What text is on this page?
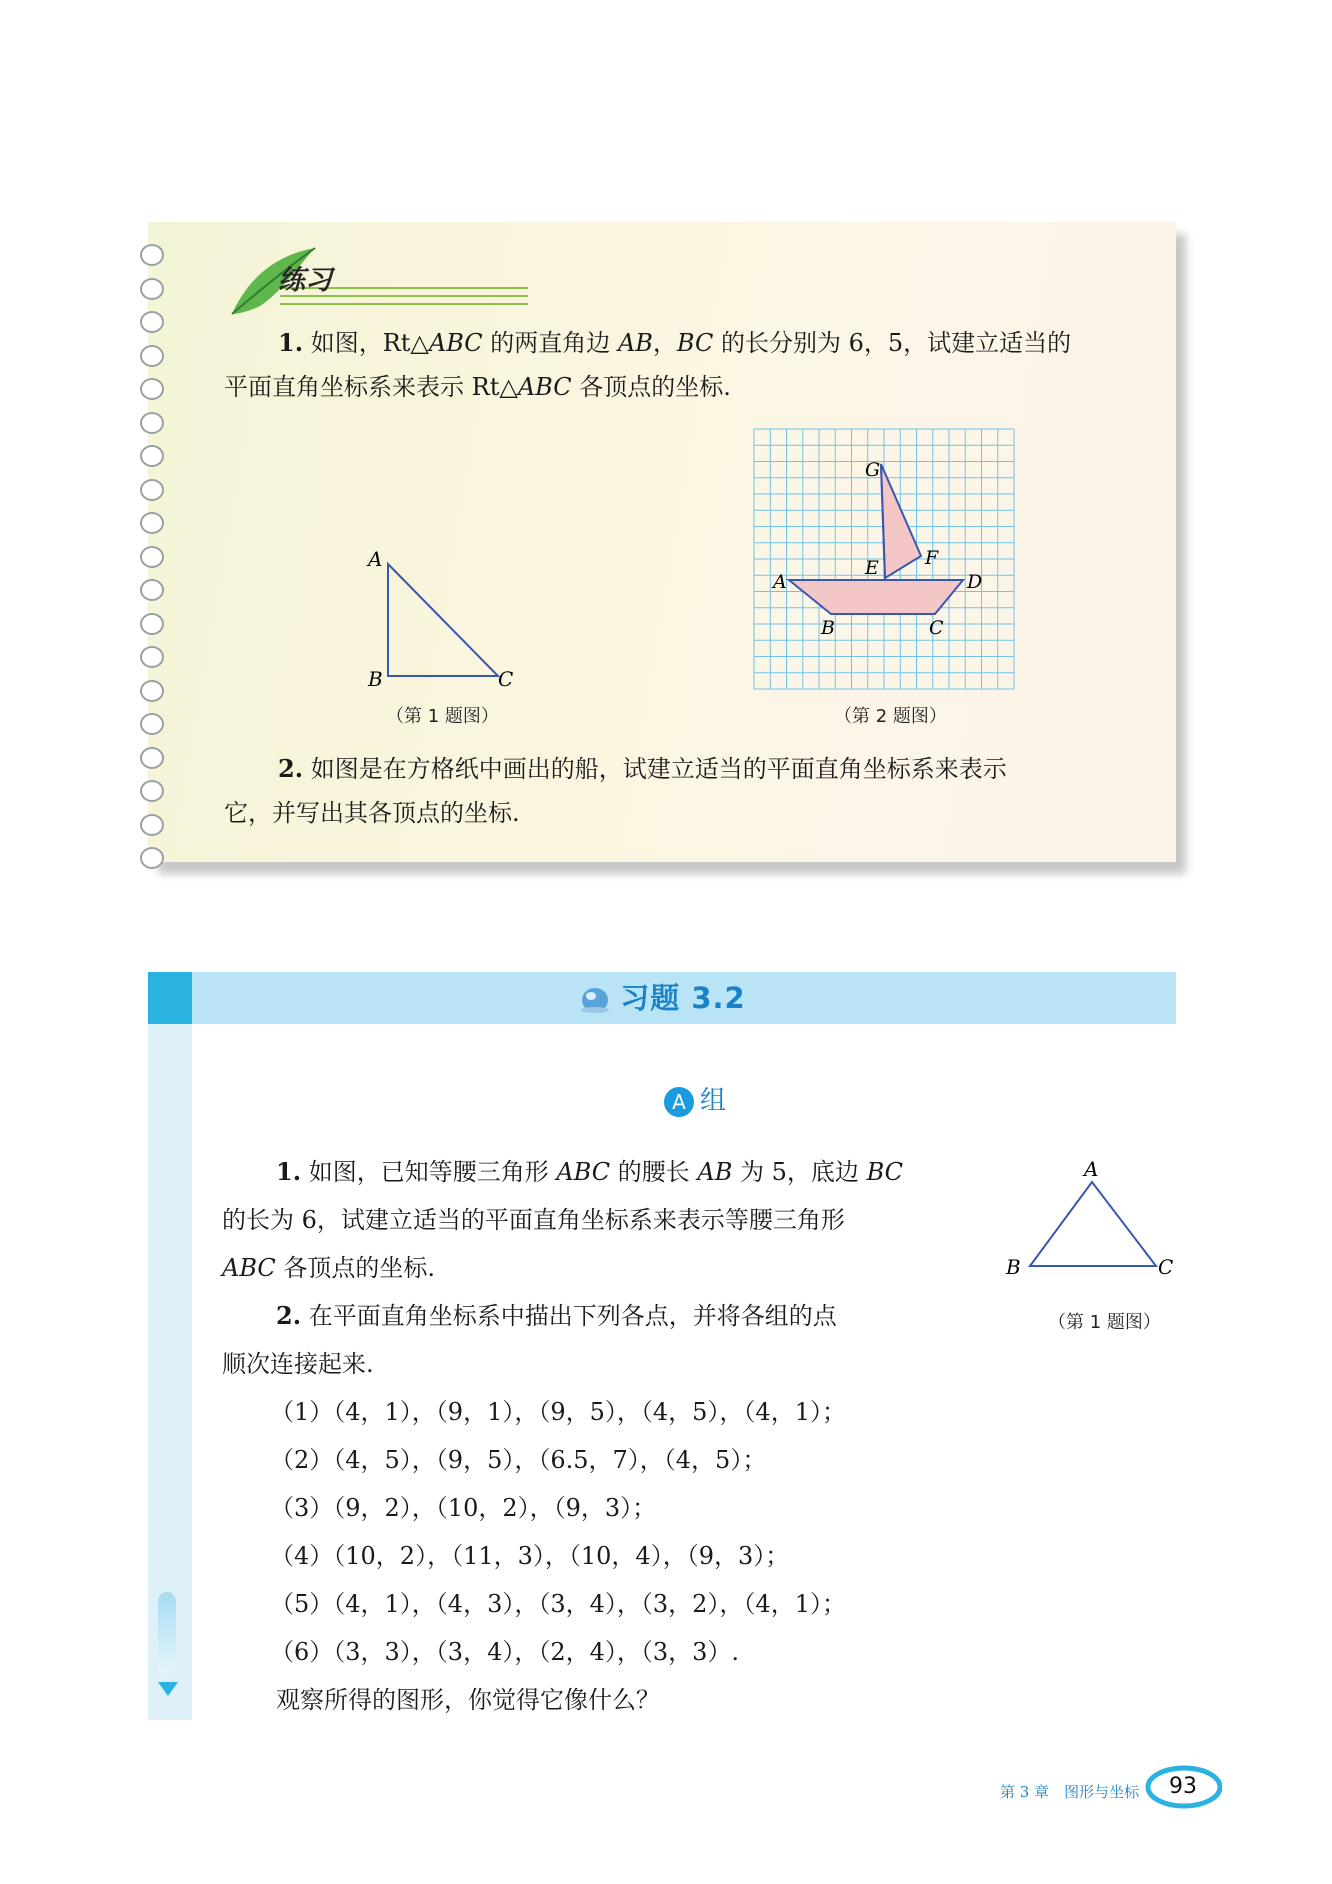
练习
1. 如图，Rt△ABC 的两直角边 AB，BC 的长分别为 6，5，试建立适当的
平面直角坐标系来表示 Rt△ABC 各顶点的坐标.
A
B	C
（第 1 题图）
G
E F
A	D
B	C
（第 2 题图）
2. 如图是在方格纸中画出的船，试建立适当的平面直角坐标系来表示
它，并写出其各顶点的坐标.
习题 3.2
A 组
1. 如图，已知等腰三角形 ABC 的腰长 AB 为 5，底边 BC
的长为 6，试建立适当的平面直角坐标系来表示等腰三角形
ABC 各顶点的坐标.
A
B	C
（第 1 题图）
2. 在平面直角坐标系中描出下列各点，并将各组的点
顺次连接起来.
（1）（4，1），（9，1），（9，5），（4，5），（4，1）；
（2）（4，5），（9，5），（6.5，7），（4，5）；
（3）（9，2），（10，2），（9，3）；
（4）（10，2），（11，3），（10，4），（9，3）；
（5）（4，1），（4，3），（3，4），（3，2），（4，1）；
（6）（3，3），（3，4），（2，4），（3，3）.
观察所得的图形，你觉得它像什么？
第 3 章　图形与坐标	93
